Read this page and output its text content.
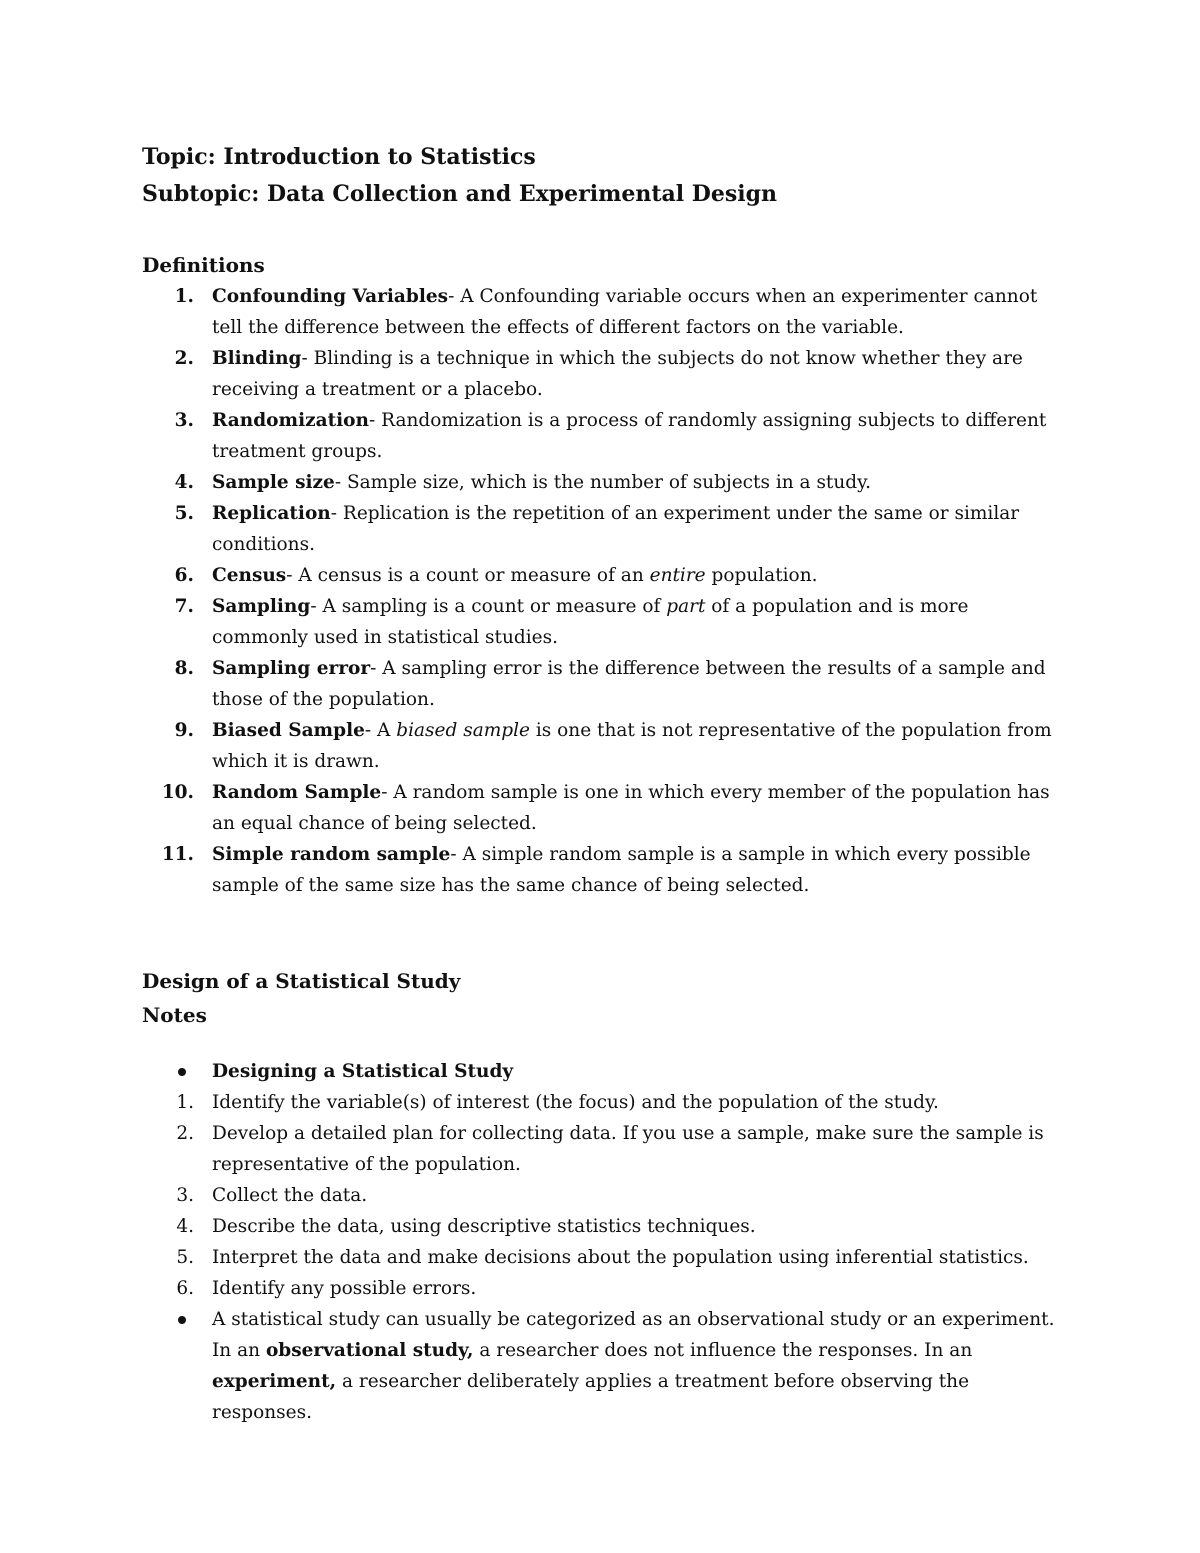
Topic: Introduction to Statistics
Subtopic: Data Collection and Experimental Design
Definitions
1. Confounding Variables- A Confounding variable occurs when an experimenter cannot tell the difference between the effects of different factors on the variable.
2. Blinding- Blinding is a technique in which the subjects do not know whether they are receiving a treatment or a placebo.
3. Randomization- Randomization is a process of randomly assigning subjects to different treatment groups.
4. Sample size- Sample size, which is the number of subjects in a study.
5. Replication- Replication is the repetition of an experiment under the same or similar conditions.
6. Census- A census is a count or measure of an entire population.
7. Sampling- A sampling is a count or measure of part of a population and is more commonly used in statistical studies.
8. Sampling error- A sampling error is the difference between the results of a sample and those of the population.
9. Biased Sample- A biased sample is one that is not representative of the population from which it is drawn.
10. Random Sample- A random sample is one in which every member of the population has an equal chance of being selected.
11. Simple random sample- A simple random sample is a sample in which every possible sample of the same size has the same chance of being selected.
Design of a Statistical Study
Notes
Designing a Statistical Study
1. Identify the variable(s) of interest (the focus) and the population of the study.
2. Develop a detailed plan for collecting data. If you use a sample, make sure the sample is representative of the population.
3. Collect the data.
4. Describe the data, using descriptive statistics techniques.
5. Interpret the data and make decisions about the population using inferential statistics.
6. Identify any possible errors.
A statistical study can usually be categorized as an observational study or an experiment. In an observational study, a researcher does not influence the responses. In an experiment, a researcher deliberately applies a treatment before observing the responses.
